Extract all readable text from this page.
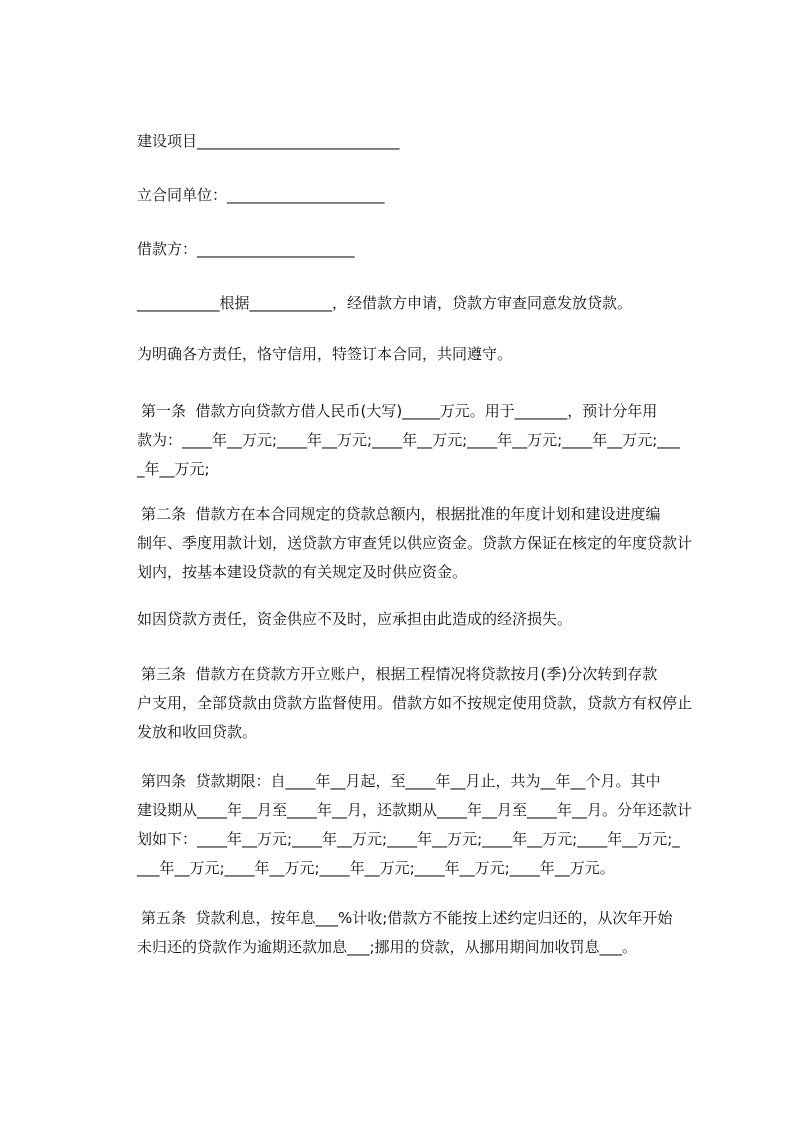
建设项目___________________________
立合同单位：_____________________
借款方：_____________________
___________根据___________，经借款方申请，贷款方审查同意发放贷款。
为明确各方责任，恪守信用，特签订本合同，共同遵守。
第一条  借款方向贷款方借人民币(大写)_____万元。用于_______，预计分年用
款为：____年__万元;____年__万元;____年__万元;____年__万元;____年__万元;___
_年__万元;
第二条  借款方在本合同规定的贷款总额内，根据批准的年度计划和建设进度编
制年、季度用款计划，送贷款方审查凭以供应资金。贷款方保证在核定的年度贷款计
划内，按基本建设贷款的有关规定及时供应资金。
如因贷款方责任，资金供应不及时，应承担由此造成的经济损失。
第三条  借款方在贷款方开立账户，根据工程情况将贷款按月(季)分次转到存款
户支用，全部贷款由贷款方监督使用。借款方如不按规定使用贷款，贷款方有权停止
发放和收回贷款。
第四条  贷款期限：自____年__月起，至____年__月止，共为__年__个月。其中
建设期从____年__月至____年__月，还款期从____年__月至____年__月。分年还款计
划如下：____年__万元;____年__万元;____年__万元;____年__万元;____年__万元;_
___年__万元;____年__万元;____年__万元;____年__万元;____年__万元。
第五条  贷款利息，按年息___%计收;借款方不能按上述约定归还的，从次年开始
未归还的贷款作为逾期还款加息___;挪用的贷款，从挪用期间加收罚息___。
